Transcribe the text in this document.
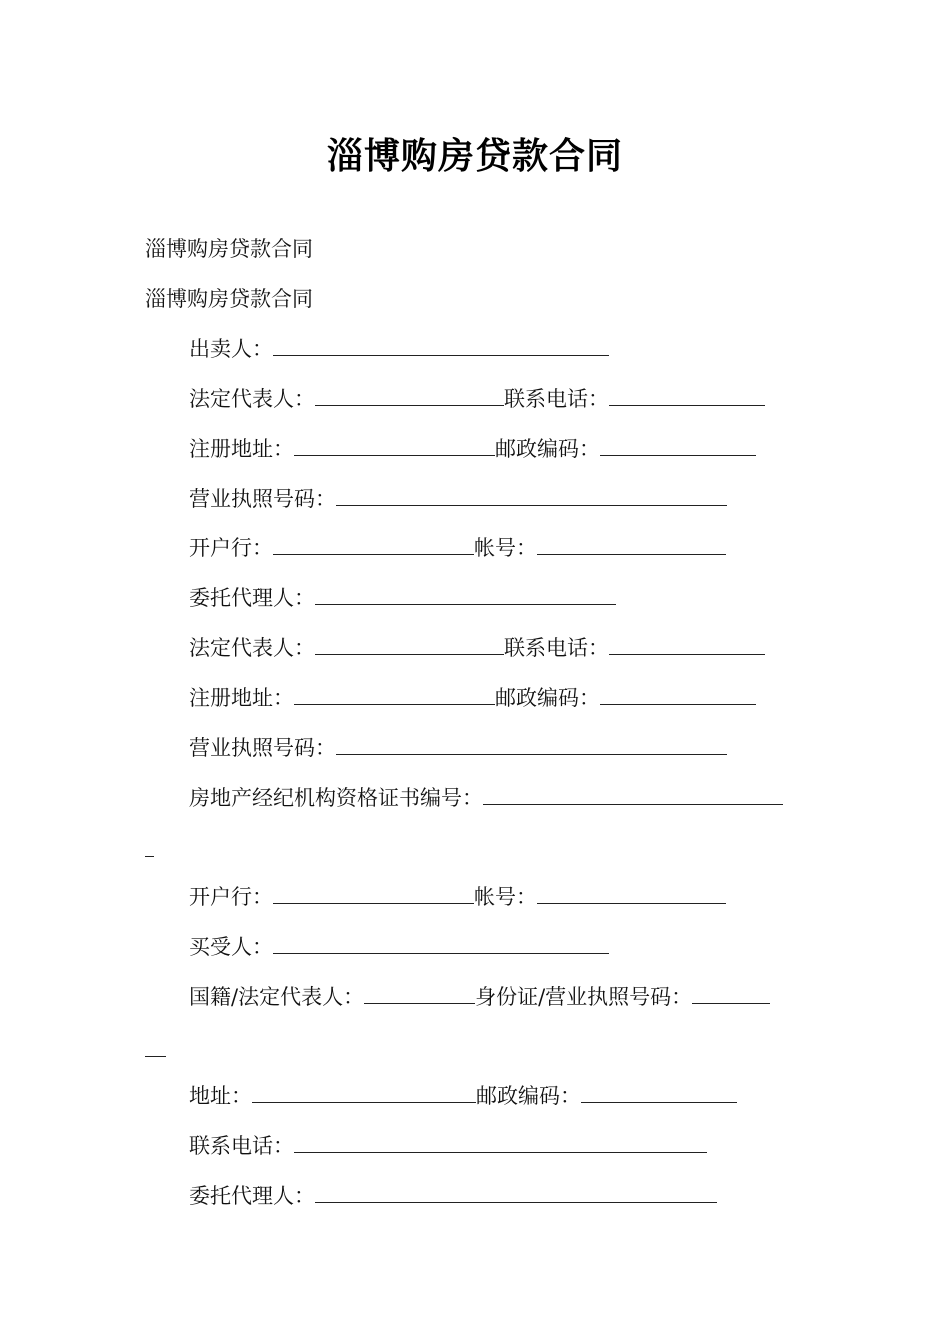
淄博购房贷款合同
淄博购房贷款合同
淄博购房贷款合同
出卖人：
法定代表人：	联系电话：
注册地址：	邮政编码：
营业执照号码：
开户行：	帐号：
委托代理人：
法定代表人：	联系电话：
注册地址：	邮政编码：
营业执照号码：
房地产经纪机构资格证书编号：
开户行：	帐号：
买受人：
国籍/法定代表人：	身份证/营业执照号码：
地址：	邮政编码：
联系电话：
委托代理人：
